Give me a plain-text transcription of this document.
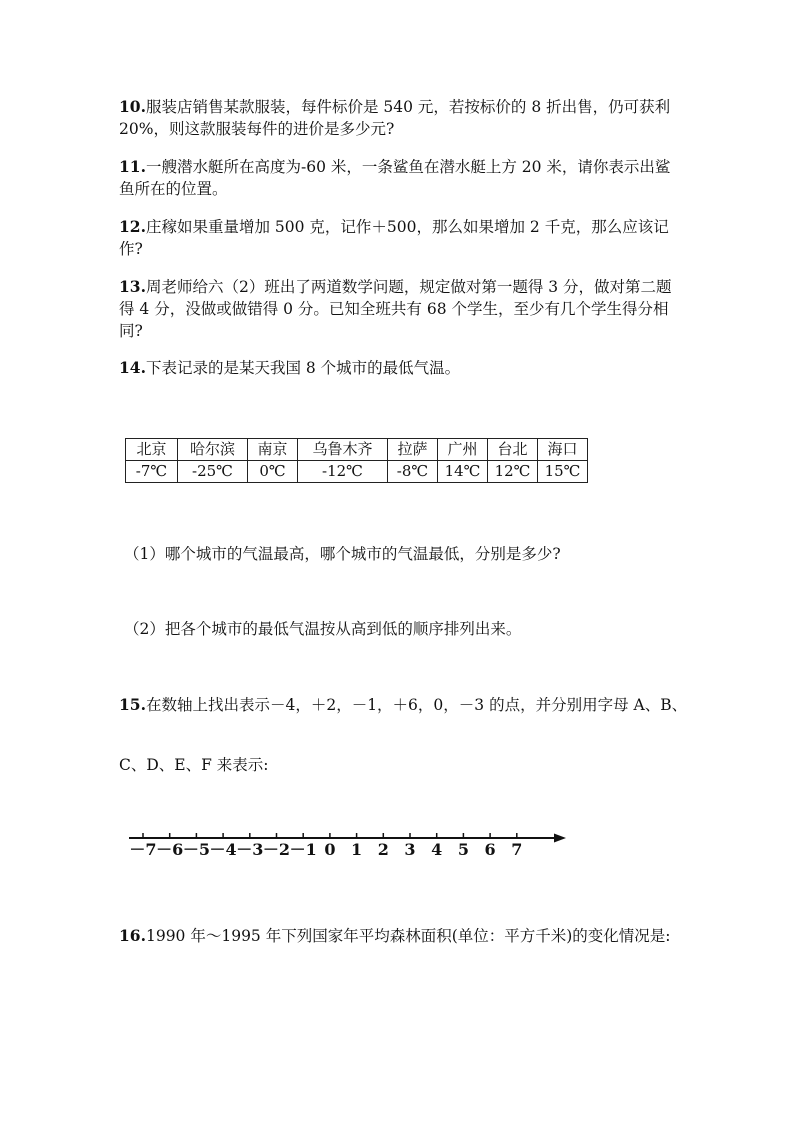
10.服装店销售某款服装，每件标价是 540 元，若按标价的 8 折出售，仍可获利 20%，则这款服装每件的进价是多少元?
11.一艘潜水艇所在高度为-60 米，一条鲨鱼在潜水艇上方 20 米，请你表示出鲨鱼所在的位置。
12.庄稼如果重量增加 500 克，记作＋500，那么如果增加 2 千克，那么应该记作?
13.周老师给六（2）班出了两道数学问题，规定做对第一题得 3 分，做对第二题得 4 分，没做或做错得 0 分。已知全班共有 68 个学生，至少有几个学生得分相同?
14.下表记录的是某天我国 8 个城市的最低气温。
北京	哈尔滨	南京	乌鲁木齐	拉萨	广州	台北	海口
-7℃	-25℃	0℃	-12℃	-8℃	14℃	12℃	15℃
（1）哪个城市的气温最高，哪个城市的气温最低，分别是多少?
（2）把各个城市的最低气温按从高到低的顺序排列出来。
15.在数轴上找出表示－4，＋2，－1，＋6，0，－3 的点，并分别用字母 A、B、
C、D、E、F 来表示:
－7 －6 －5 －4 －3 －2 －1 0 1 2 3 4 5 6 7
16.1990 年～1995 年下列国家年平均森林面积(单位：平方千米)的变化情况是:
